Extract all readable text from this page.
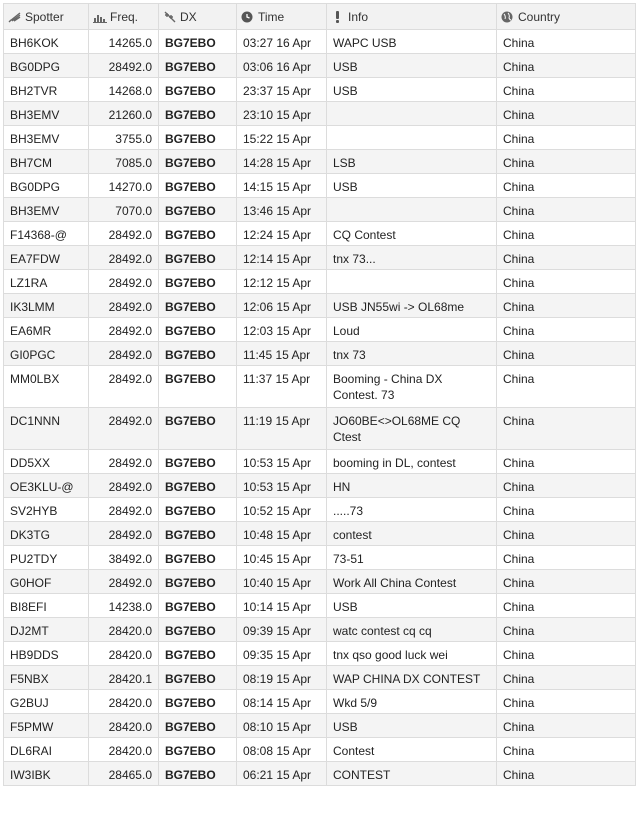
Spotter	Freq.	DX	Time	Info	Country
BH6KOK	14265.0	BG7EBO	03:27 16 Apr	WAPC USB	China
BG0DPG	28492.0	BG7EBO	03:06 16 Apr	USB	China
BH2TVR	14268.0	BG7EBO	23:37 15 Apr	USB	China
BH3EMV	21260.0	BG7EBO	23:10 15 Apr		China
BH3EMV	3755.0	BG7EBO	15:22 15 Apr		China
BH7CM	7085.0	BG7EBO	14:28 15 Apr	LSB	China
BG0DPG	14270.0	BG7EBO	14:15 15 Apr	USB	China
BH3EMV	7070.0	BG7EBO	13:46 15 Apr		China
F14368-@	28492.0	BG7EBO	12:24 15 Apr	CQ Contest	China
EA7FDW	28492.0	BG7EBO	12:14 15 Apr	tnx 73...	China
LZ1RA	28492.0	BG7EBO	12:12 15 Apr		China
IK3LMM	28492.0	BG7EBO	12:06 15 Apr	USB JN55wi -> OL68me	China
EA6MR	28492.0	BG7EBO	12:03 15 Apr	Loud	China
GI0PGC	28492.0	BG7EBO	11:45 15 Apr	tnx 73	China
MM0LBX	28492.0	BG7EBO	11:37 15 Apr	Booming - China DX Contest. 73	China
DC1NNN	28492.0	BG7EBO	11:19 15 Apr	JO60BE<>OL68ME CQ Ctest	China
DD5XX	28492.0	BG7EBO	10:53 15 Apr	booming in DL, contest	China
OE3KLU-@	28492.0	BG7EBO	10:53 15 Apr	HN	China
SV2HYB	28492.0	BG7EBO	10:52 15 Apr	.....73	China
DK3TG	28492.0	BG7EBO	10:48 15 Apr	contest	China
PU2TDY	38492.0	BG7EBO	10:45 15 Apr	73-51	China
G0HOF	28492.0	BG7EBO	10:40 15 Apr	Work All China Contest	China
BI8EFI	14238.0	BG7EBO	10:14 15 Apr	USB	China
DJ2MT	28420.0	BG7EBO	09:39 15 Apr	watc contest cq cq	China
HB9DDS	28420.0	BG7EBO	09:35 15 Apr	tnx qso good luck wei	China
F5NBX	28420.1	BG7EBO	08:19 15 Apr	WAP CHINA DX CONTEST	China
G2BUJ	28420.0	BG7EBO	08:14 15 Apr	Wkd 5/9	China
F5PMW	28420.0	BG7EBO	08:10 15 Apr	USB	China
DL6RAI	28420.0	BG7EBO	08:08 15 Apr	Contest	China
IW3IBK	28465.0	BG7EBO	06:21 15 Apr	CONTEST	China
